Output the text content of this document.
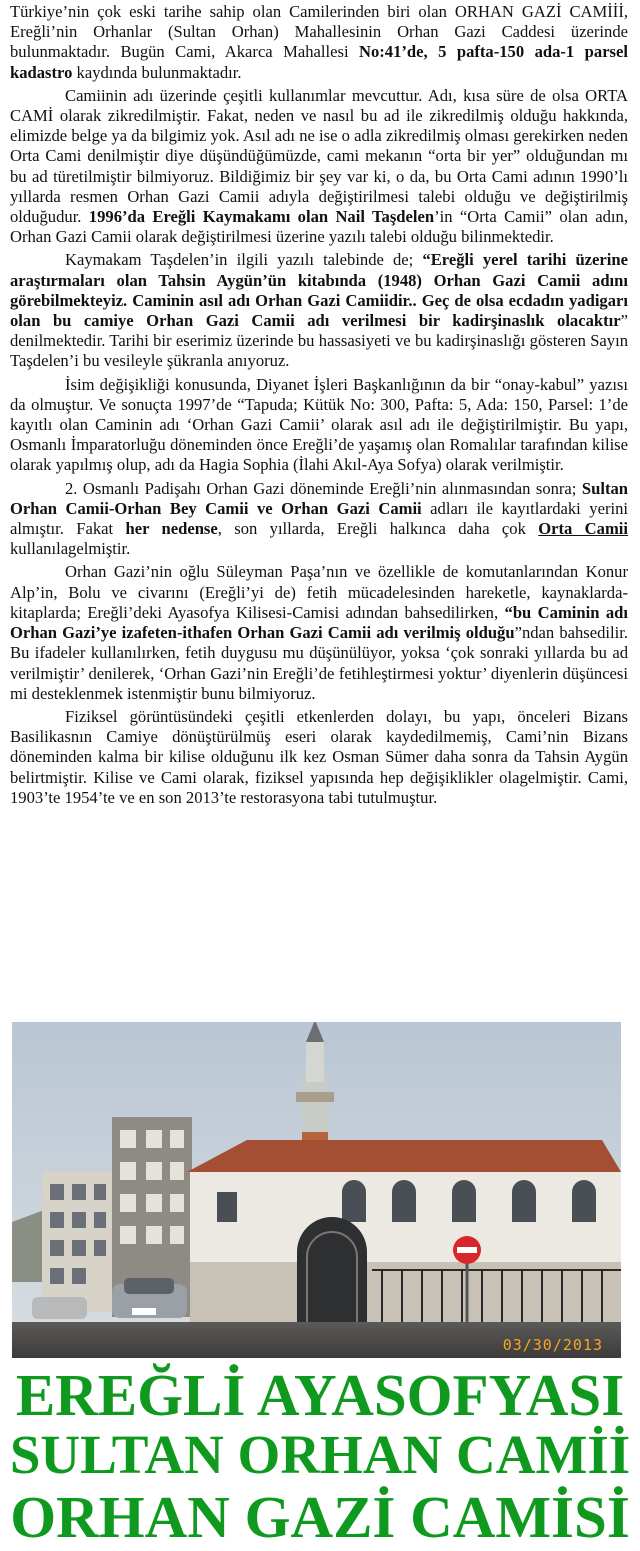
Türkiye’nin çok eski tarihe sahip olan Camilerinden biri olan ORHAN GAZİ CAMİİİ, Ereğli’nin Orhanlar (Sultan Orhan) Mahallesinin Orhan Gazi Caddesi üzerinde bulunmaktadır. Bugün Cami, Akarca Mahallesi No:41’de, 5 pafta-150 ada-1 parsel kadastro kaydında bulunmaktadır.

Camiinin adı üzerinde çeşitli kullanımlar mevcuttur. Adı, kısa süre de olsa ORTA CAMİ olarak zikredilmiştir. Fakat, neden ve nasıl bu ad ile zikredilmiş olduğu hakkında, elimizde belge ya da bilgimiz yok. Asıl adı ne ise o adla zikredilmiş olması gerekirken neden Orta Cami denilmiştir diye düşündüğümüzde, cami mekanın “orta bir yer” olduğundan mı bu ad türetilmiştir bilmiyoruz. Bildiğimiz bir şey var ki, o da, bu Orta Cami adının 1990’lı yıllarda resmen Orhan Gazi Camii adıyla değiştirilmesi talebi olduğu ve değiştirilmiş olduğudur. 1996’da Ereğli Kaymakamı olan Nail Taşdelen’in “Orta Camii” olan adın, Orhan Gazi Camii olarak değiştirilmesi üzerine yazılı talebi olduğu bilinmektedir.

Kaymakam Taşdelen’in ilgili yazılı talebinde de; “Ereğli yerel tarihi üzerine araştırmaları olan Tahsin Aygün’ün kitabında (1948) Orhan Gazi Camii adını görebilmekteyiz. Caminin asıl adı Orhan Gazi Camiidir.. Geç de olsa ecdadın yadigarı olan bu camiye Orhan Gazi Camii adı verilmesi bir kadirşinaslık olacaktır” denilmektedir. Tarihi bir eserimiz üzerinde bu hassasiyeti ve bu kadirşinaslığı gösteren Sayın Taşdelen’i bu vesileyle şükranla anıyoruz.

İsim değişikliği konusunda, Diyanet İşleri Başkanlığının da bir “onay-kabul” yazısı da olmuştur. Ve sonuçta 1997’de “Tapuda; Kütük No: 300, Pafta: 5, Ada: 150, Parsel: 1’de kayıtlı olan Caminin adı ‘Orhan Gazi Camii’ olarak asıl adı ile değiştirilmiştir. Bu yapı, Osmanlı İmparatorluğu döneminden önce Ereğli’de yaşamış olan Romalılar tarafından kilise olarak yapılmış olup, adı da Hagia Sophia (İlahi Akıl-Aya Sofya) olarak verilmiştir.

2. Osmanlı Padişahı Orhan Gazi döneminde Ereğli’nin alınmasından sonra; Sultan Orhan Camii-Orhan Bey Camii ve Orhan Gazi Camii adları ile kayıtlardaki yerini almıştır. Fakat her nedense, son yıllarda, Ereğli halkınca daha çok Orta Camii kullanılagelmiştir.

Orhan Gazi’nin oğlu Süleyman Paşa’nın ve özellikle de komutanlarından Konur Alp’in, Bolu ve civarını (Ereğli’yi de) fetih mücadelesinden hareketle, kaynaklarda-kitaplarda; Ereğli’deki Ayasofya Kilisesi-Camisi adından bahsedilirken, “bu Caminin adı Orhan Gazi’ye izafeten-ithafen Orhan Gazi Camii adı verilmiş olduğu”ndan bahsedilir. Bu ifadeler kullanılırken, fetih duygusu mu düşünülüyor, yoksa ‘çok sonraki yıllarda bu ad verilmiştir’ denilerek, ‘Orhan Gazi’nin Ereğli’de fetihleştirmesi yoktur’ diyenlerin düşüncesi mi desteklenmek istenmiştir bunu bilmiyoruz.

Fiziksel görüntüsündeki çeşitli etkenlerden dolayı, bu yapı, önceleri Bizans Basilikasnın Camiye dönüştürülmüş eseri olarak kaydedilmemiş, Cami’nin Bizans döneminden kalma bir kilise olduğunu ilk kez Osman Sümer daha sonra da Tahsin Aygün belirtmiştir. Kilise ve Cami olarak, fiziksel yapısında hep değişiklikler olagelmiştir. Cami, 1903’te 1954’te ve en son 2013’te restorasyona tabi tutulmuştur.

03/30/2013
EREĞLİ AYASOFYASI
SULTAN ORHAN CAMİİ
ORHAN GAZİ CAMİSİ
